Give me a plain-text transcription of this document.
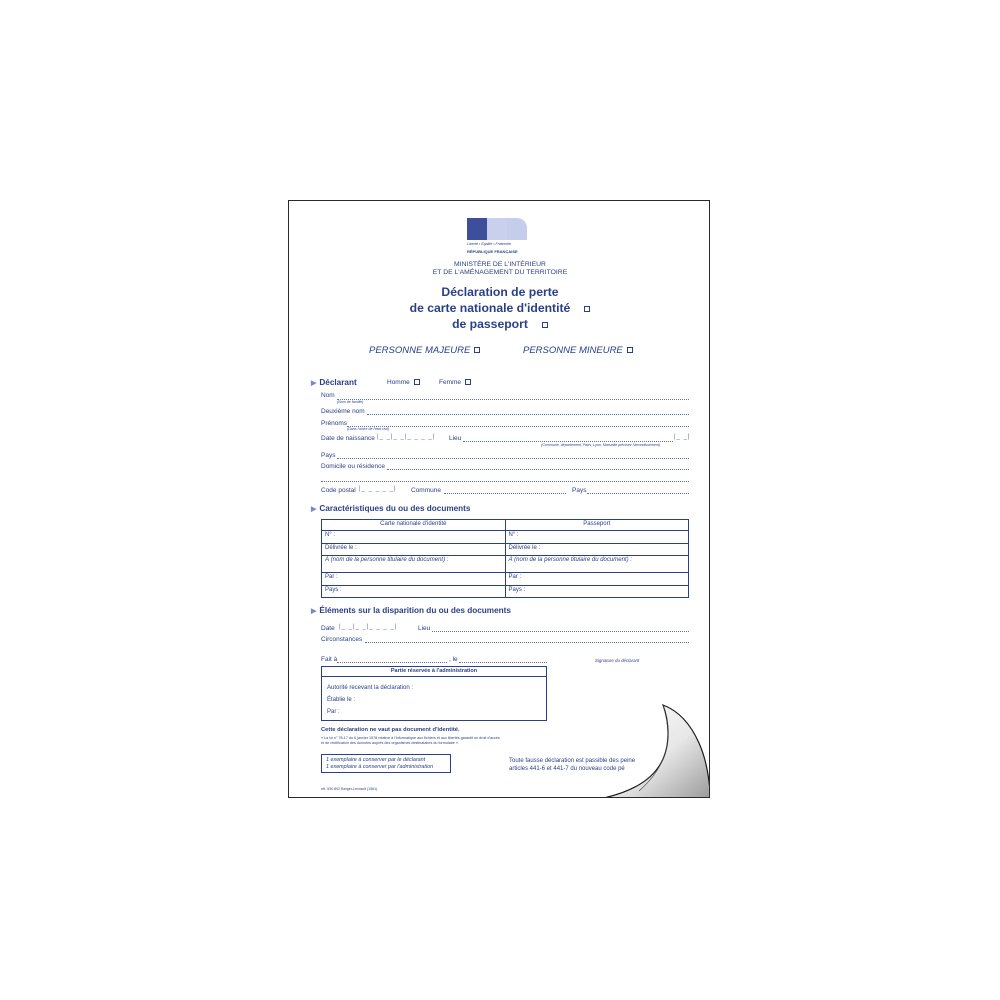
Liberté • Égalité • Fraternité
RÉPUBLIQUE FRANÇAISE
MINISTÈRE DE L'INTÉRIEUR
ET DE L'AMÉNAGEMENT DU TERRITOIRE
Déclaration de perte
de carte nationale d'identité
de passeport
PERSONNE MAJEURE	PERSONNE MINEURE
▶ Déclarant	Homme	Femme
Nom
(Nom de famille)
Deuxième nom
Prénoms
(Dans l'ordre de l'état civil)
Date de naissance |_ _|_ _|_ _ _ _| Lieu	|_ _|
(Commune, département, Paris, Lyon, Marseille précisez l'arrondissement)
Pays
Domicile ou résidence
Code postal |_ _ _ _ _| Commune	Pays
▶ Caractéristiques du ou des documents
Carte nationale d'identité	Passeport
N° :	N° :
Délivrée le :	Délivrée le :
À (nom de la personne titulaire du document) :	À (nom de la personne titulaire du document) :
Par :	Par :
Pays :	Pays :
▶ Éléments sur la disparition du ou des documents
Date |_ _|_ _|_ _ _ _|	Lieu
Circonstances
Fait à	, le	Signature du déclarant
Partie réservée à l'administration
Autorité recevant la déclaration :
Établie le :
Par :
Cette déclaration ne vaut pas document d'identité.
« La loi n° 78-17 du 6 janvier 1978 relative à l'informatique aux fichiers et aux libertés garantit un droit d'accès
et de rectification des données auprès des organismes destinataires du formulaire ».
1 exemplaire à conserver par le déclarant
1 exemplaire à conserver par l'administration
Toute fausse déclaration est passible des peine
articles 441-6 et 441-7 du nouveau code pé
réf. 530 802 Berger-Levrault (1561)
